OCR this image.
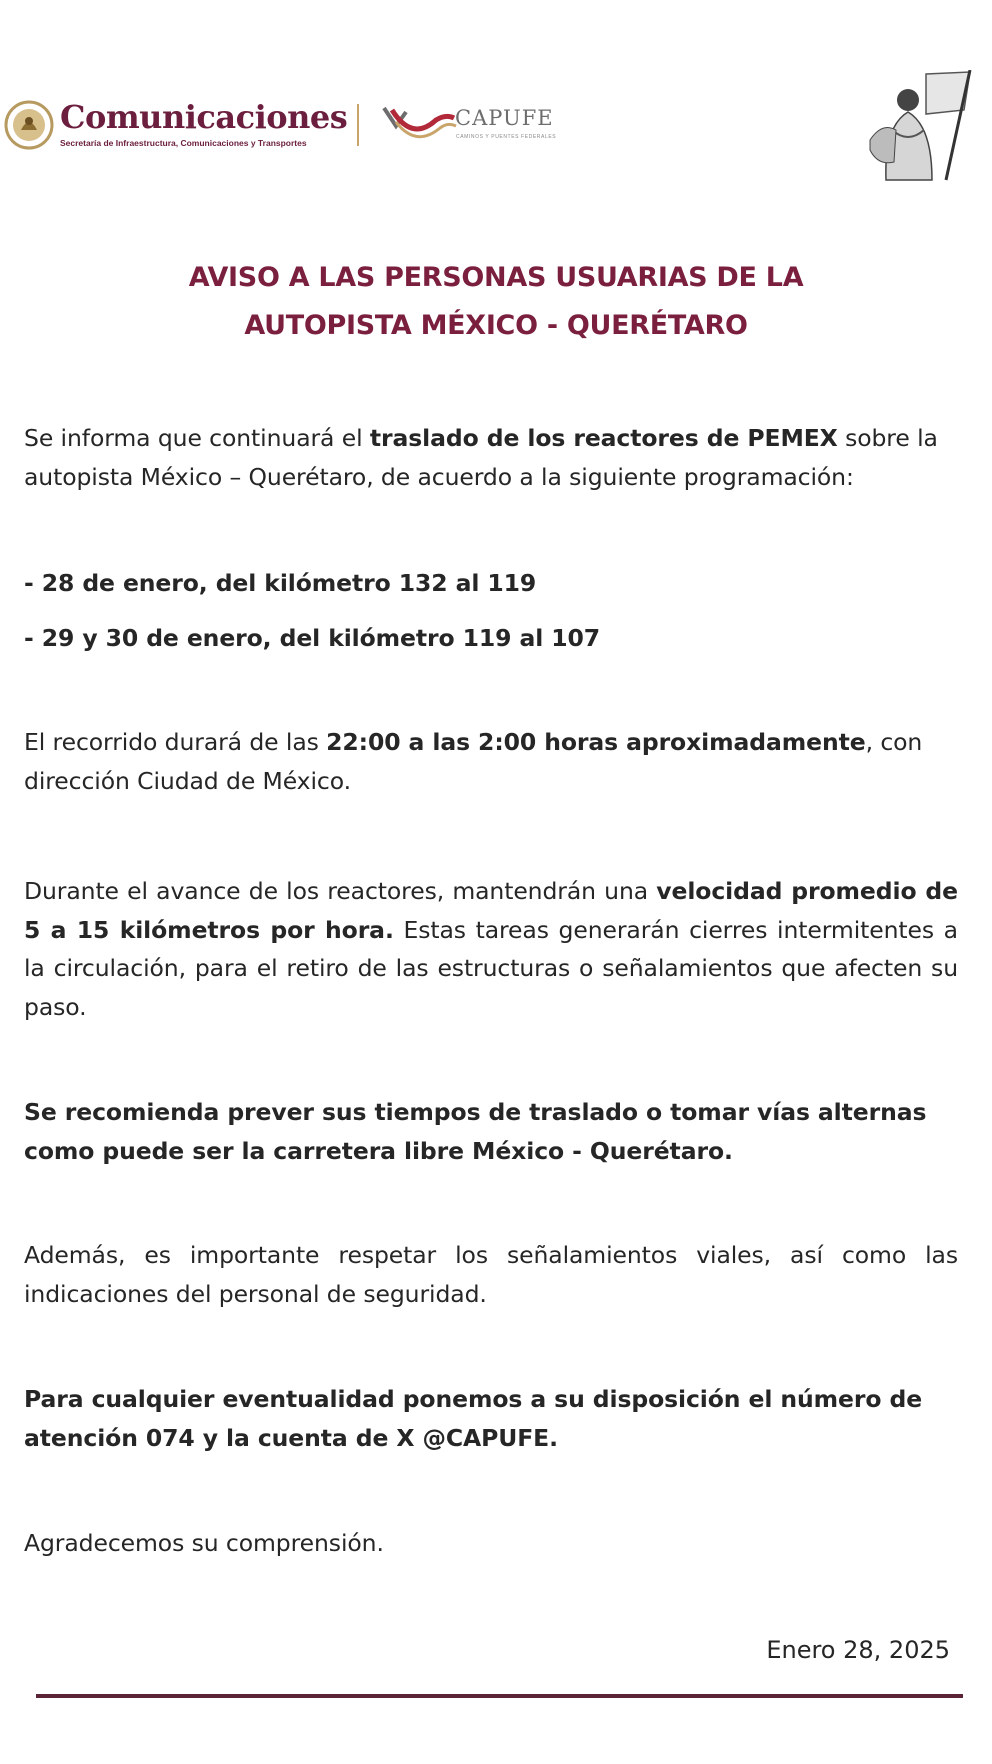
Comunicaciones
Secretaría de Infraestructura, Comunicaciones y Transportes
CAPUFE
CAMINOS Y PUENTES FEDERALES
AVISO A LAS PERSONAS USUARIAS DE LA
AUTOPISTA MÉXICO - QUERÉTARO

Se informa que continuará el traslado de los reactores de PEMEX sobre la autopista México – Querétaro, de acuerdo a la siguiente programación:

- 28 de enero, del kilómetro 132 al 119

- 29 y 30 de enero, del kilómetro 119 al 107

El recorrido durará de las 22:00 a las 2:00 horas aproximadamente, con dirección Ciudad de México.

Durante el avance de los reactores, mantendrán una velocidad promedio de 5 a 15 kilómetros por hora. Estas tareas generarán cierres intermitentes a la circulación, para el retiro de las estructuras o señalamientos que afecten su paso.

Se recomienda prever sus tiempos de traslado o tomar vías alternas como puede ser la carretera libre México - Querétaro.

Además, es importante respetar los señalamientos viales, así como las indicaciones del personal de seguridad.

Para cualquier eventualidad ponemos a su disposición el número de atención 074 y la cuenta de X @CAPUFE.

Agradecemos su comprensión.

Enero 28, 2025
